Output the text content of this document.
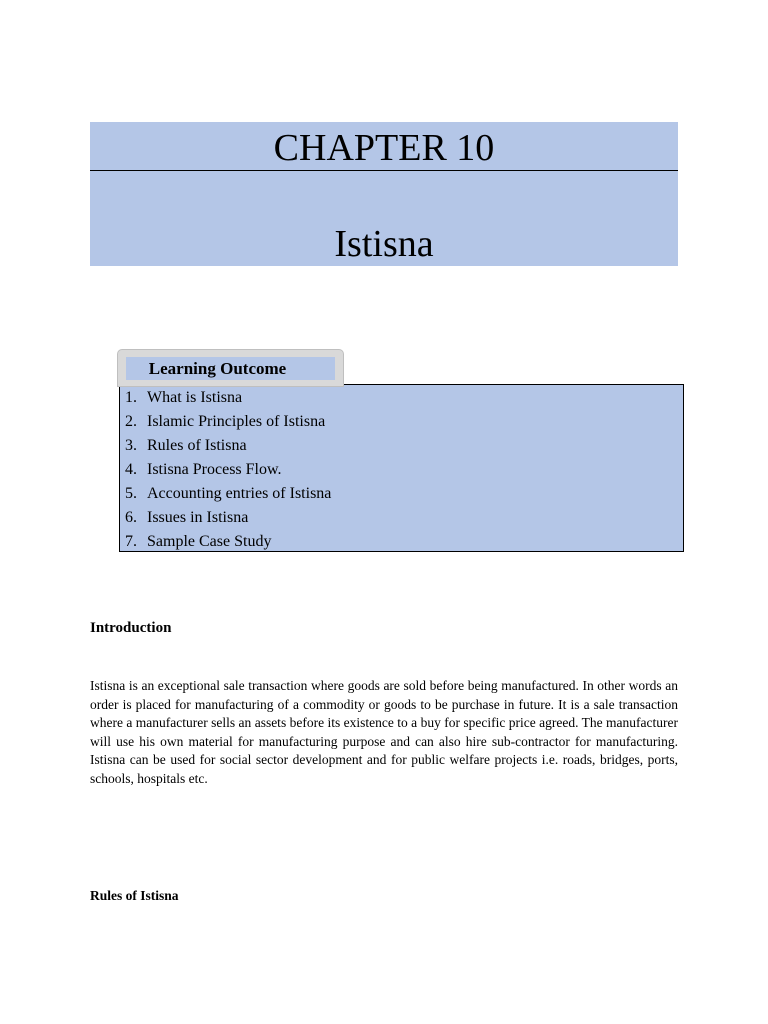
CHAPTER 10
Istisna
1. What is Istisna
2. Islamic Principles of Istisna
3. Rules of Istisna
4. Istisna Process Flow.
5. Accounting entries of Istisna
6. Issues in Istisna
7. Sample Case Study
Learning Outcome
Introduction

Istisna is an exceptional sale transaction where goods are sold before being manufactured. In other words an order is placed for manufacturing of a commodity or goods to be purchase in future. It is a sale transaction where a manufacturer sells an assets before its existence to a buy for specific price agreed. The manufacturer will use his own material for manufacturing purpose and can also hire sub-contractor for manufacturing. Istisna can be used for social sector development and for public welfare projects i.e. roads, bridges, ports, schools, hospitals etc.

Rules of Istisna
